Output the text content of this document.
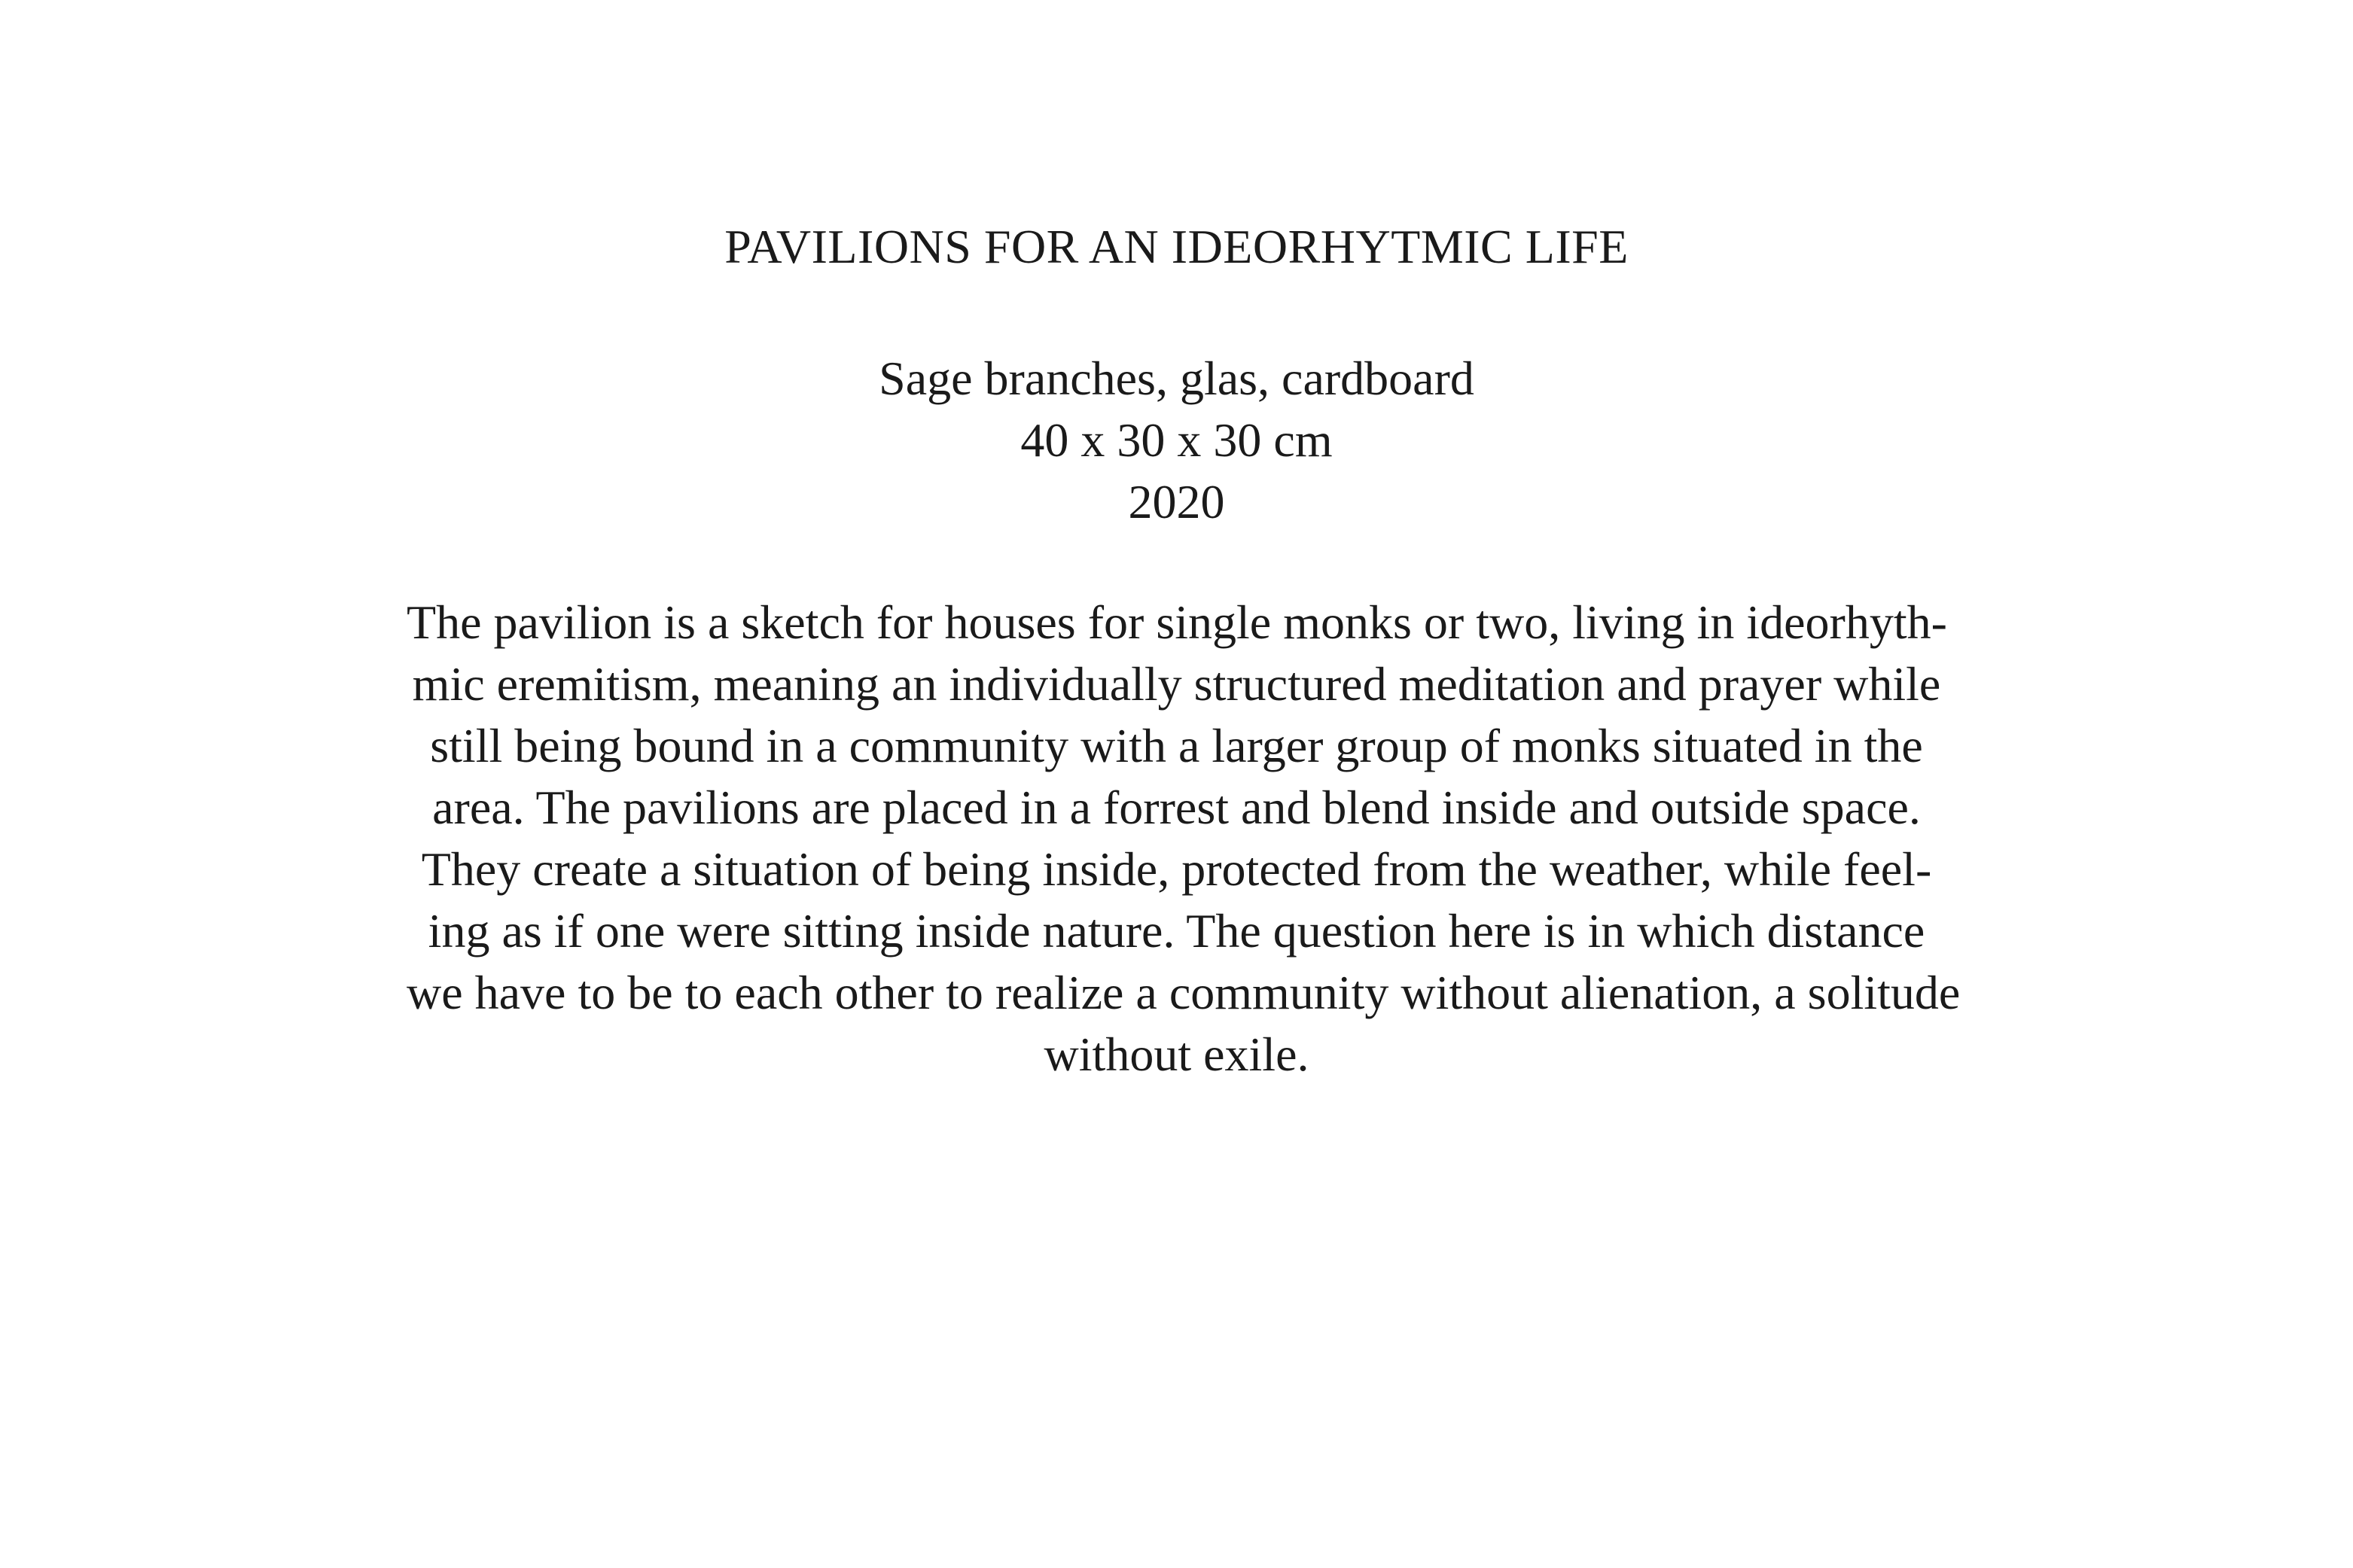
PAVILIONS FOR AN IDEORHYTMIC LIFE
Sage branches, glas, cardboard
40 x 30 x 30 cm
2020

The pavilion is a sketch for houses for single monks or two, living in ideorhyth-
mic eremitism, meaning an individually structured meditation and prayer while
still being bound in a community with a larger group of monks situated in the
area. The pavilions are placed in a forrest and blend inside and outside space.
They create a situation of being inside, protected from the weather, while feel-
ing as if one were sitting inside nature. The question here is in which distance
we have to be to each other to realize a community without alienation, a solitude
without exile.
